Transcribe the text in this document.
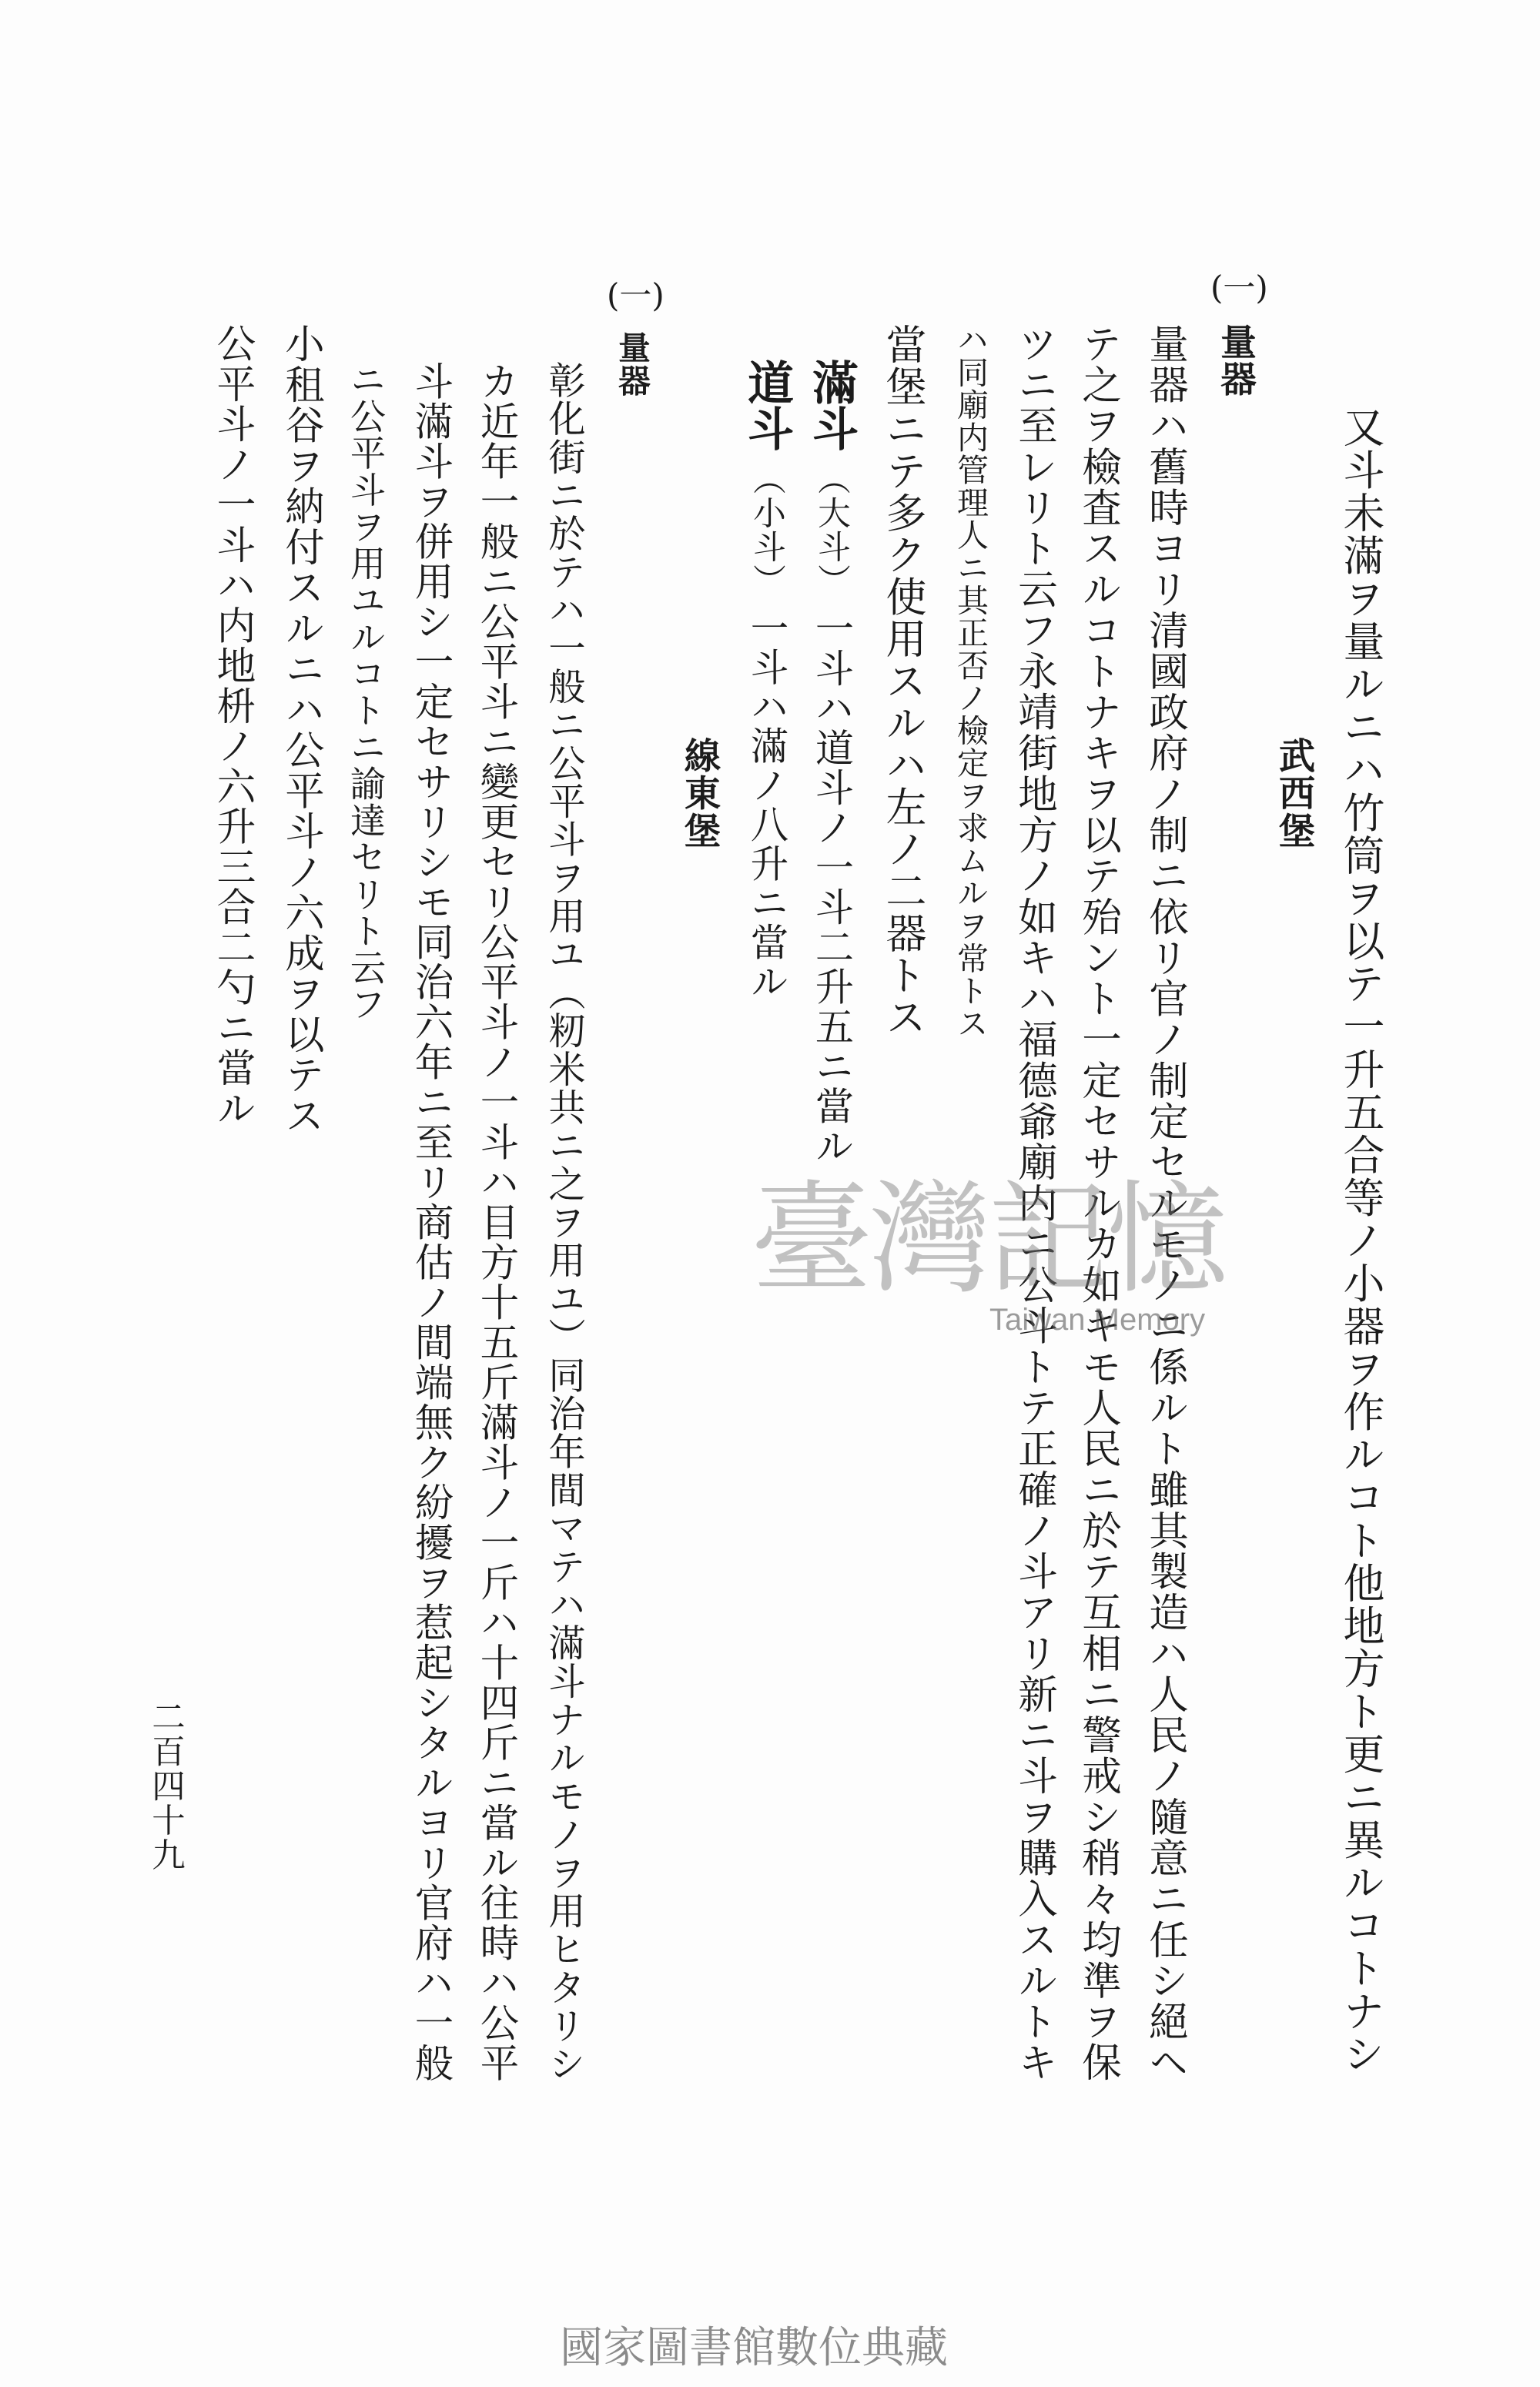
又斗未滿ヲ量ルニハ竹筒ヲ以テ一升五合等ノ小器ヲ作ルコト他地方ト更ニ異ルコトナシ
武西堡
(一)
量器
量器ハ舊時ヨリ清國政府ノ制ニ依リ官ノ制定セルモノニ係ルト雖其製造ハ人民ノ隨意ニ任シ絕ヘ
テ之ヲ檢査スルコトナキヲ以テ殆ント一定セサルカ如キモ人民ニ於テ互相ニ警戒シ稍々均準ヲ保
ツニ至レリト云フ永靖街地方ノ如キハ福德爺廟内ニ公斗トテ正確ノ斗アリ新ニ斗ヲ購入スルトキ
ハ同廟内管理人ニ其正否ノ檢定ヲ求ムルヲ常トス
當堡ニテ多ク使用スルハ左ノ二器トス
滿斗
（大斗）
一斗ハ道斗ノ一斗二升五ニ當ル
道斗
（小斗）
一斗ハ滿ノ八升ニ當ル
線東堡
(一)
量器
彰化街ニ於テハ一般ニ公平斗ヲ用ユ（籾米共ニ之ヲ用ユ）同治年間マテハ滿斗ナルモノヲ用ヒタリシ
カ近年一般ニ公平斗ニ變更セリ公平斗ノ一斗ハ目方十五斤滿斗ノ一斤ハ十四斤ニ當ル往時ハ公平
斗滿斗ヲ併用シ一定セサリシモ同治六年ニ至リ商估ノ間端無ク紛擾ヲ惹起シタルヨリ官府ハ一般
ニ公平斗ヲ用ユルコトニ諭達セリト云フ
小租谷ヲ納付スルニハ公平斗ノ六成ヲ以テス
公平斗ノ一斗ハ内地枡ノ六升三合二勺ニ當ル
二百四十九
臺灣記憶
Taiwan Memory
國家圖書館數位典藏
